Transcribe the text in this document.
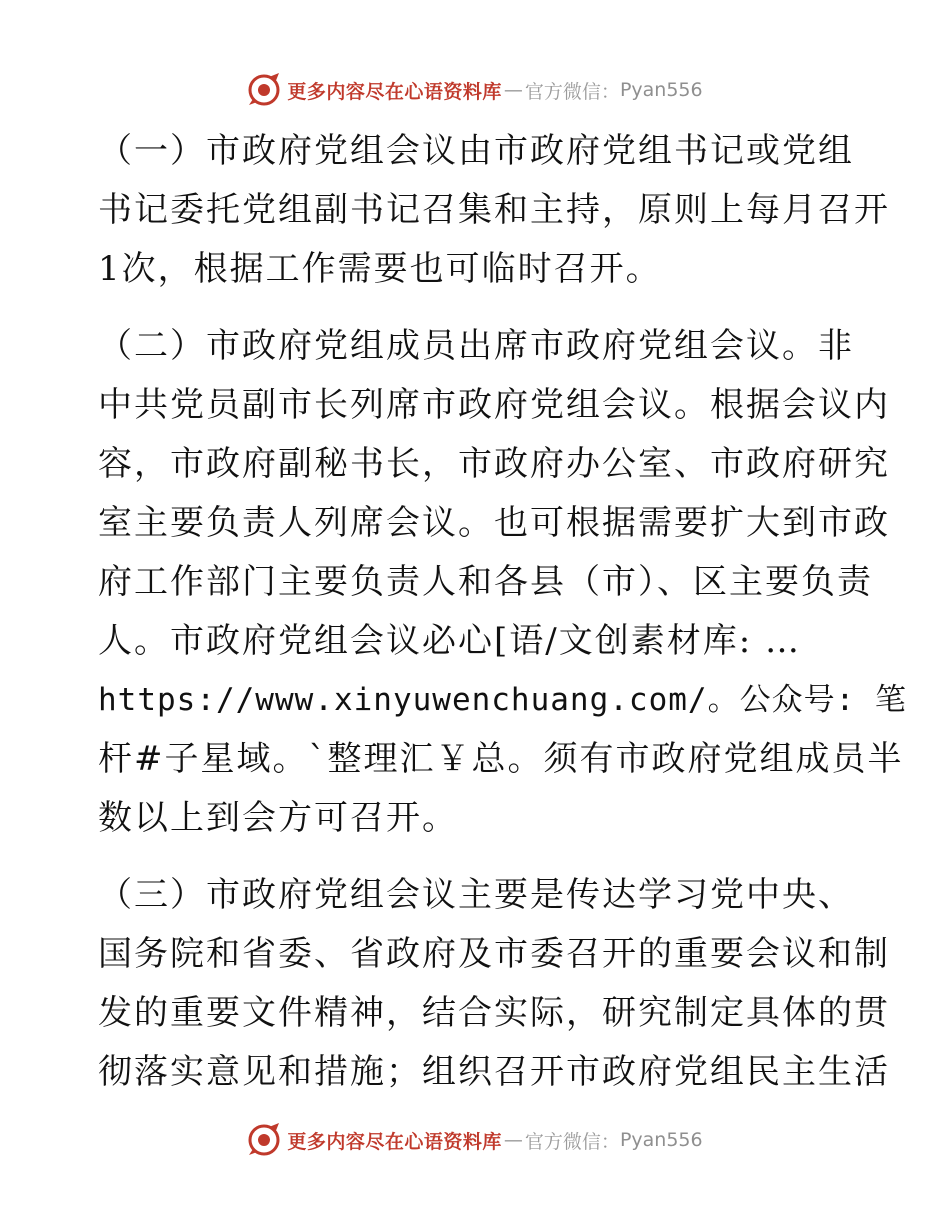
更多内容尽在心语资料库 — 官方微信： Pyan556
（一）市政府党组会议由市政府党组书记或党组
书记委托党组副书记召集和主持，原则上每月召开
1次，根据工作需要也可临时召开。
（二）市政府党组成员出席市政府党组会议。非
中共党员副市长列席市政府党组会议。根据会议内
容，市政府副秘书长，市政府办公室、市政府研究
室主要负责人列席会议。也可根据需要扩大到市政
府工作部门主要负责人和各县（市）、区主要负责
人。市政府党组会议必心[语/文创素材库: …
https://www.xinyuwenchuang.com/。公众号: 笔
杆#子星域。`整理汇￥总。须有市政府党组成员半
数以上到会方可召开。
（三）市政府党组会议主要是传达学习党中央、
国务院和省委、省政府及市委召开的重要会议和制
发的重要文件精神，结合实际，研究制定具体的贯
彻落实意见和措施；组织召开市政府党组民主生活
更多内容尽在心语资料库 — 官方微信： Pyan556
